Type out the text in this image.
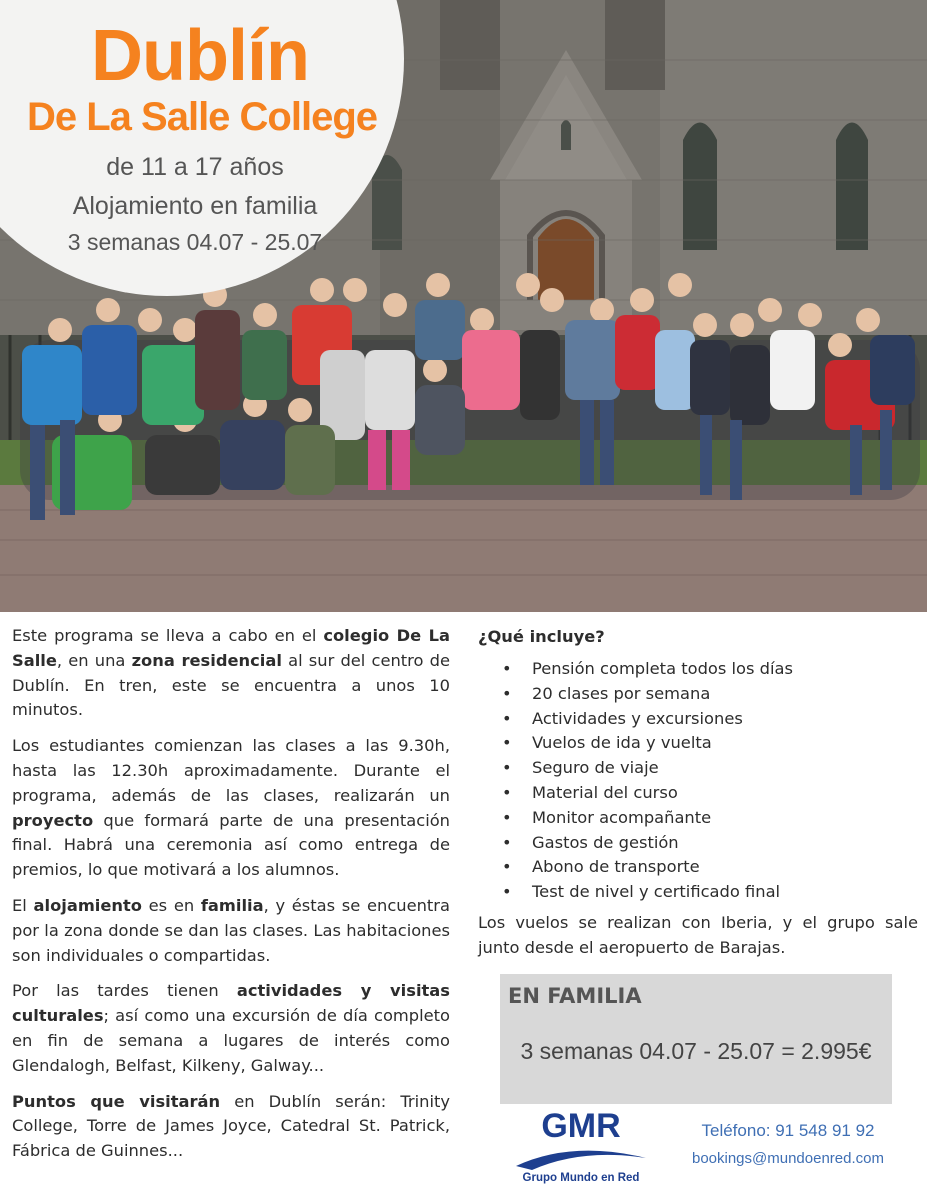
Dublín
De La Salle College
de 11 a 17 años
Alojamiento en familia
3 semanas 04.07 - 25.07

Este programa se lleva a cabo en el colegio De La Salle, en una zona residencial al sur del centro de Dublín. En tren, este se encuentra a unos 10 minutos.

Los estudiantes comienzan las clases a las 9.30h, hasta las 12.30h aproximadamente. Durante el programa, además de las clases, realizarán un proyecto que formará parte de una presentación final. Habrá una ceremonia así como entrega de premios, lo que motivará a los alumnos.

El alojamiento es en familia, y éstas se encuentra por la zona donde se dan las clases. Las habitaciones son individuales o compartidas.

Por las tardes tienen actividades y visitas culturales; así como una excursión de día completo en fin de semana a lugares de interés como Glendalogh, Belfast, Kilkeny, Galway...

Puntos que visitarán en Dublín serán: Trinity College, Torre de James Joyce, Catedral St. Patrick, Fábrica de Guinnes...

¿Qué incluye?
• Pensión completa todos los días
• 20 clases por semana
• Actividades y excursiones
• Vuelos de ida y vuelta
• Seguro de viaje
• Material del curso
• Monitor acompañante
• Gastos de gestión
• Abono de transporte
• Test de nivel y certificado final
Los vuelos se realizan con Iberia, y el grupo sale junto desde el aeropuerto de Barajas.
EN FAMILIA
3 semanas 04.07 - 25.07 = 2.995€
GMR
Grupo Mundo en Red
Teléfono: 91 548 91 92
bookings@mundoenred.com
